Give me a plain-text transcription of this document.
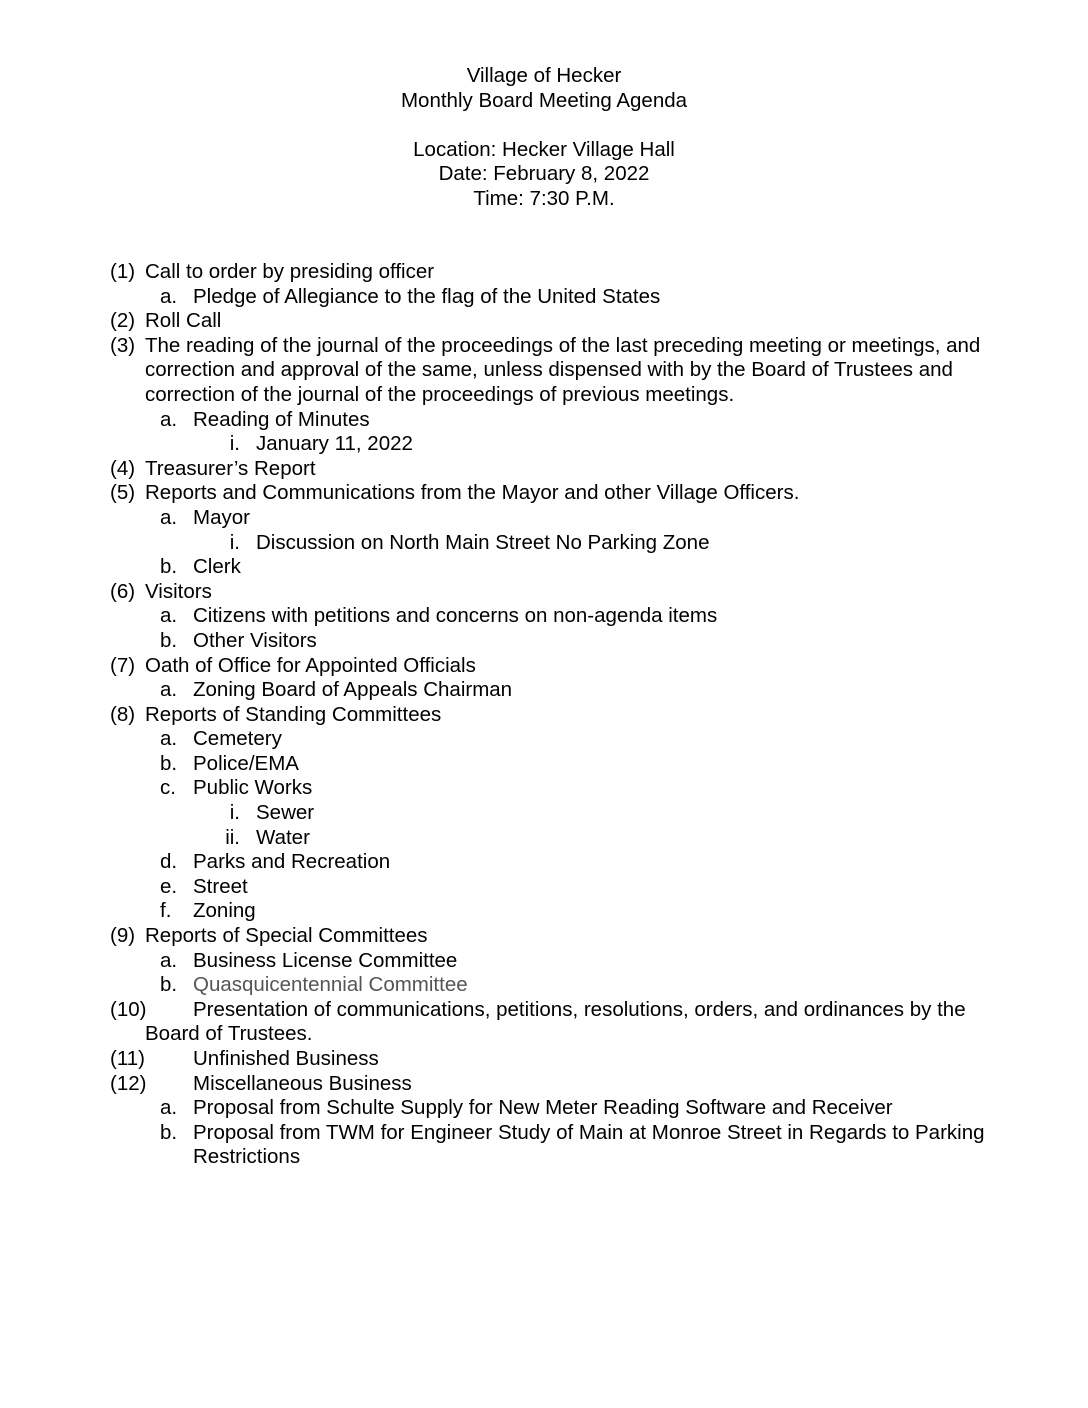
Village of Hecker
Monthly Board Meeting Agenda
Location: Hecker Village Hall
Date: February 8, 2022
Time: 7:30 P.M.
(1) Call to order by presiding officer
a. Pledge of Allegiance to the flag of the United States
(2) Roll Call
(3) The reading of the journal of the proceedings of the last preceding meeting or meetings, and
correction and approval of the same, unless dispensed with by the Board of Trustees and
correction of the journal of the proceedings of previous meetings.
a. Reading of Minutes
i. January 11, 2022
(4) Treasurer’s Report
(5) Reports and Communications from the Mayor and other Village Officers.
a. Mayor
i. Discussion on North Main Street No Parking Zone
b. Clerk
(6) Visitors
a. Citizens with petitions and concerns on non-agenda items
b. Other Visitors
(7) Oath of Office for Appointed Officials
a. Zoning Board of Appeals Chairman
(8) Reports of Standing Committees
a. Cemetery
b. Police/EMA
c. Public Works
i. Sewer
ii. Water
d. Parks and Recreation
e. Street
f. Zoning
(9) Reports of Special Committees
a. Business License Committee
b. Quasquicentennial Committee
(10) Presentation of communications, petitions, resolutions, orders, and ordinances by the
Board of Trustees.
(11) Unfinished Business
(12) Miscellaneous Business
a. Proposal from Schulte Supply for New Meter Reading Software and Receiver
b. Proposal from TWM for Engineer Study of Main at Monroe Street in Regards to Parking
Restrictions
